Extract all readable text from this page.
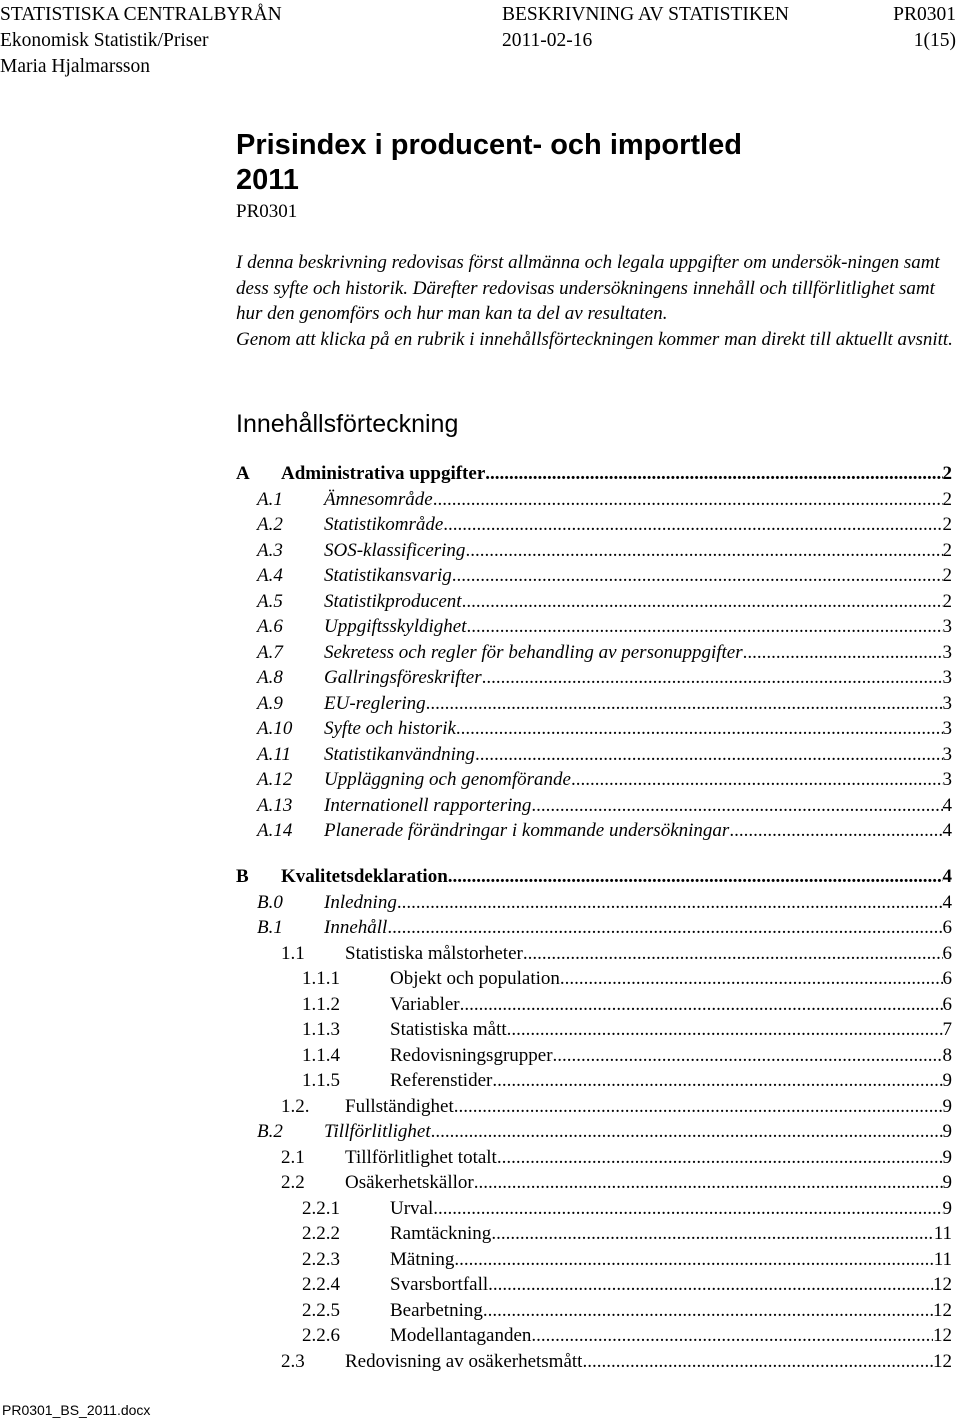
STATISTISKA CENTRALBYRÅN
Ekonomisk Statistik/Priser
Maria Hjalmarsson
BESKRIVNING AV STATISTIKEN
2011-02-16
PR0301
1(15)
Prisindex i producent- och importled
2011
PR0301

I denna beskrivning redovisas först allmänna och legala uppgifter om undersök-ningen samt dess syfte och historik. Därefter redovisas undersökningens innehåll och tillförlitlighet samt hur den genomförs och hur man kan ta del av resultaten.

Genom att klicka på en rubrik i innehållsförteckningen kommer man direkt till aktuellt avsnitt.

Innehållsförteckning
A	Administrativa uppgifter .....	2
A.1	Ämnesområde .....	2
A.2	Statistikområde .....	2
A.3	SOS-klassificering .....	2
A.4	Statistikansvarig .....	2
A.5	Statistikproducent .....	2
A.6	Uppgiftsskyldighet .....	3
A.7	Sekretess och regler för behandling av personuppgifter .....	3
A.8	Gallringsföreskrifter .....	3
A.9	EU-reglering .....	3
A.10	Syfte och historik .....	3
A.11	Statistikanvändning .....	3
A.12	Uppläggning och genomförande .....	3
A.13	Internationell rapportering .....	4
A.14	Planerade förändringar i kommande undersökningar .....	4
B	Kvalitetsdeklaration .....	4
B.0	Inledning .....	4
B.1	Innehåll .....	6
1.1	Statistiska målstorheter .....	6
1.1.1	Objekt och population .....	6
1.1.2	Variabler .....	6
1.1.3	Statistiska mått .....	7
1.1.4	Redovisningsgrupper .....	8
1.1.5	Referenstider .....	9
1.2.	Fullständighet .....	9
B.2	Tillförlitlighet .....	9
2.1	Tillförlitlighet totalt .....	9
2.2	Osäkerhetskällor .....	9
2.2.1	Urval .....	9
2.2.2	Ramtäckning .....	11
2.2.3	Mätning .....	11
2.2.4	Svarsbortfall .....	12
2.2.5	Bearbetning .....	12
2.2.6	Modellantaganden .....	12
2.3	Redovisning av osäkerhetsmått .....	12
PR0301_BS_2011.docx
